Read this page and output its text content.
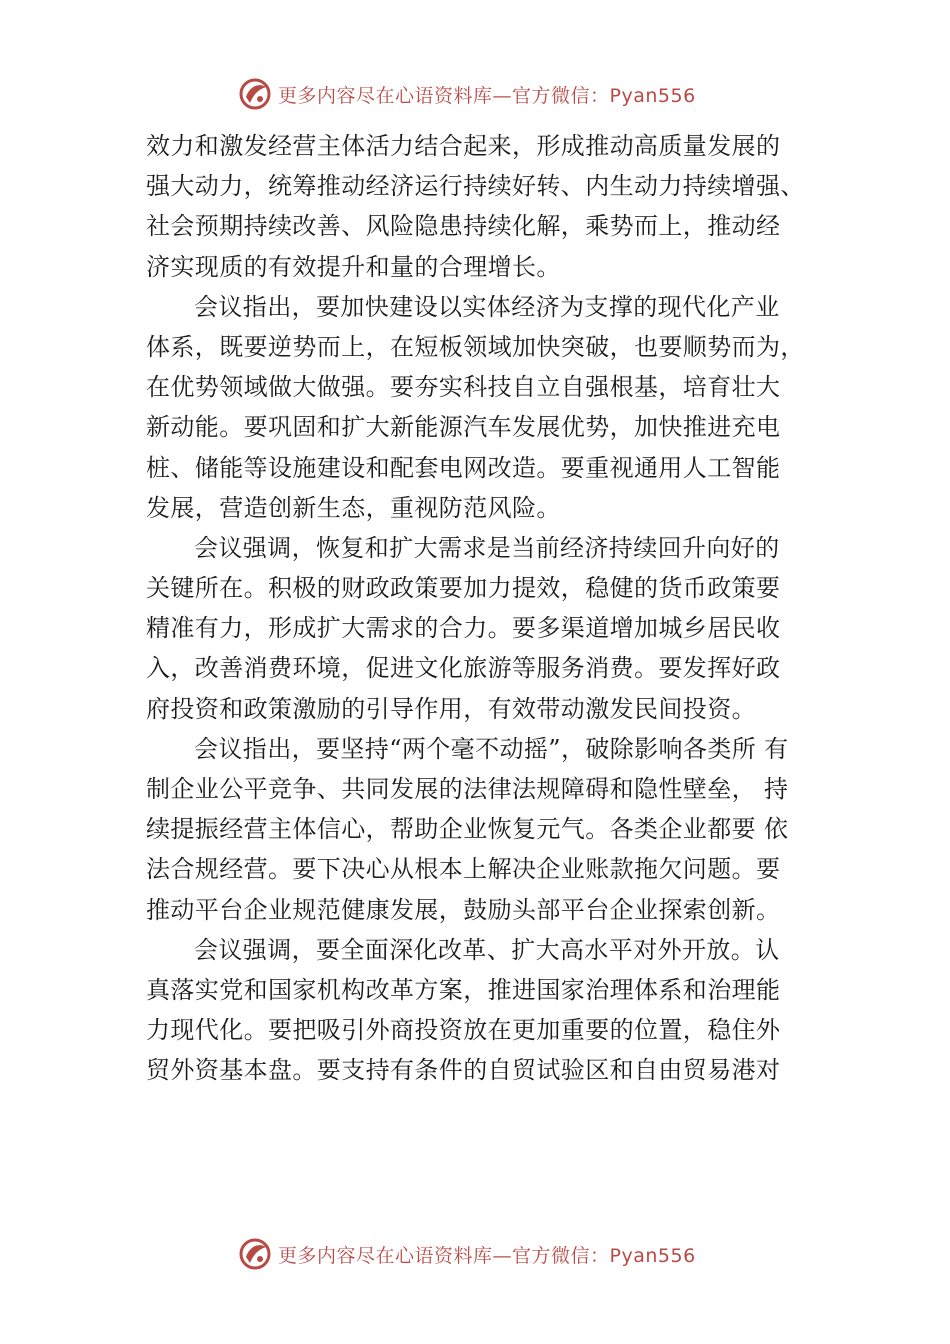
更多内容尽在心语资料库—官方微信：Pyan556
效力和激发经营主体活力结合起来，形成推动高质量发展的
强大动力，统筹推动经济运行持续好转、内生动力持续增强、
社会预期持续改善、风险隐患持续化解，乘势而上，推动经
济实现质的有效提升和量的合理增长。
会议指出，要加快建设以实体经济为支撑的现代化产业
体系，既要逆势而上，在短板领域加快突破，也要顺势而为，
在优势领域做大做强。要夯实科技自立自强根基，培育壮大
新动能。要巩固和扩大新能源汽车发展优势，加快推进充电
桩、储能等设施建设和配套电网改造。要重视通用人工智能
发展，营造创新生态，重视防范风险。
会议强调，恢复和扩大需求是当前经济持续回升向好的
关键所在。积极的财政政策要加力提效，稳健的货币政策要
精准有力，形成扩大需求的合力。要多渠道增加城乡居民收
入，改善消费环境，促进文化旅游等服务消费。要发挥好政
府投资和政策激励的引导作用，有效带动激发民间投资。
会议指出，要坚持“两个毫不动摇”，破除影响各类所 有
制企业公平竞争、共同发展的法律法规障碍和隐性壁垒， 持
续提振经营主体信心，帮助企业恢复元气。各类企业都要 依
法合规经营。要下决心从根本上解决企业账款拖欠问题。要
推动平台企业规范健康发展，鼓励头部平台企业探索创新。
会议强调，要全面深化改革、扩大高水平对外开放。认
真落实党和国家机构改革方案，推进国家治理体系和治理能
力现代化。要把吸引外商投资放在更加重要的位置，稳住外
贸外资基本盘。要支持有条件的自贸试验区和自由贸易港对
更多内容尽在心语资料库—官方微信：Pyan556
